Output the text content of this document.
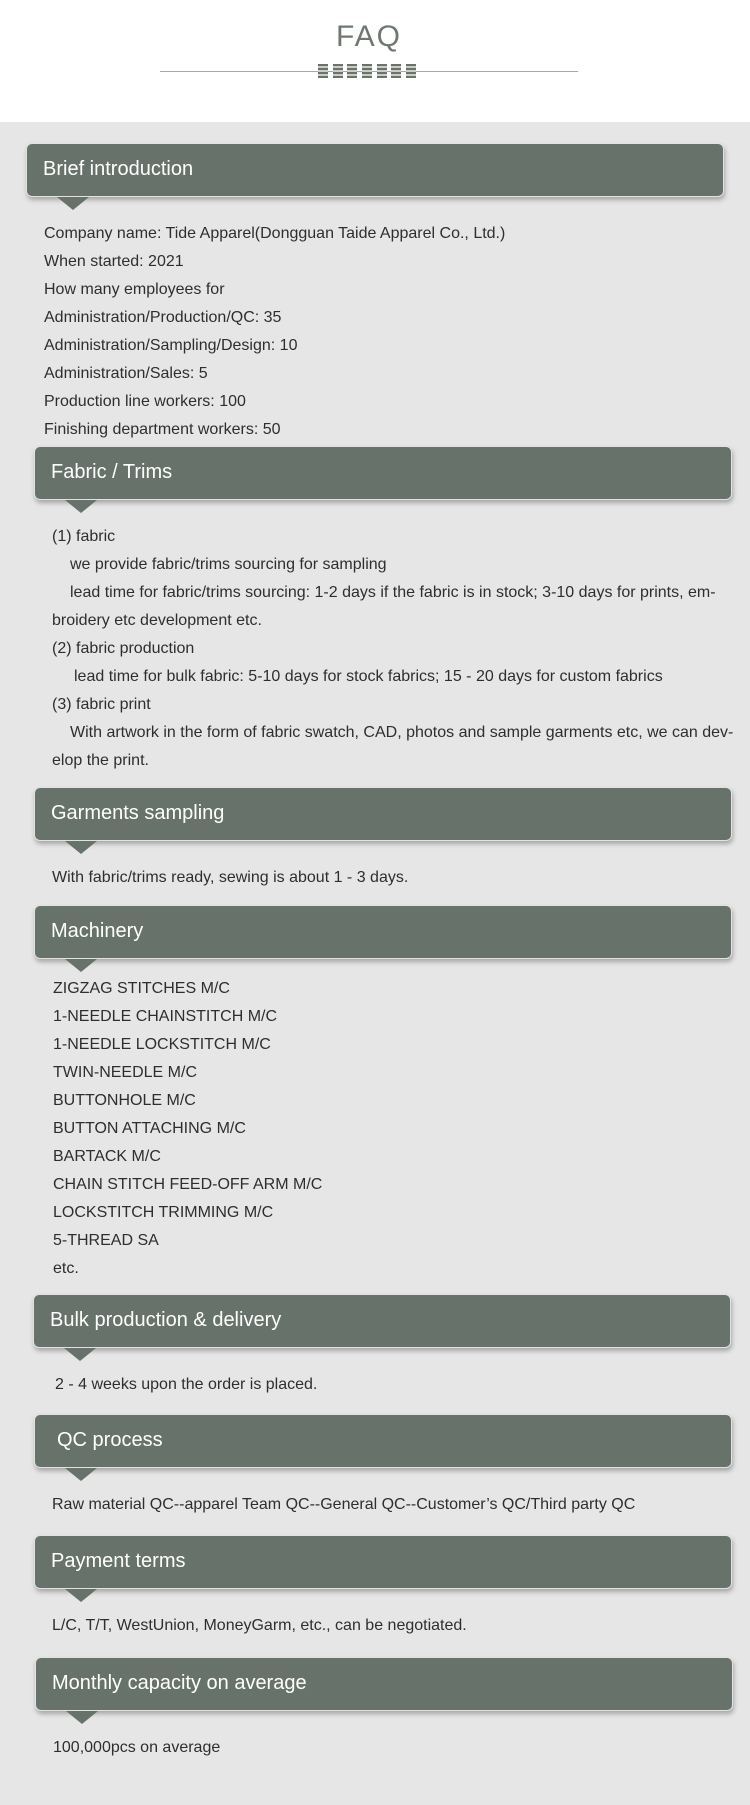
FAQ
Brief introduction
Company name: Tide Apparel(Dongguan Taide Apparel Co., Ltd.)
When started: 2021
How many employees for
Administration/Production/QC: 35
Administration/Sampling/Design: 10
Administration/Sales: 5
Production line workers: 100
Finishing department workers: 50
Fabric / Trims
(1) fabric
we provide fabric/trims sourcing for sampling
lead time for fabric/trims sourcing: 1-2 days if the fabric is in stock; 3-10 days for prints, em-
broidery etc development etc.
(2) fabric production
lead time for bulk fabric: 5-10 days for stock fabrics; 15 - 20 days for custom fabrics
(3) fabric print
With artwork in the form of fabric swatch, CAD, photos and sample garments etc, we can dev-
elop the print.
Garments sampling
With fabric/trims ready, sewing is about 1 - 3 days.
Machinery
ZIGZAG STITCHES M/C
1-NEEDLE CHAINSTITCH M/C
1-NEEDLE LOCKSTITCH M/C
TWIN-NEEDLE M/C
BUTTONHOLE M/C
BUTTON ATTACHING M/C
BARTACK M/C
CHAIN STITCH FEED-OFF ARM M/C
LOCKSTITCH TRIMMING M/C
5-THREAD SA
etc.
Bulk production & delivery
2 - 4 weeks upon the order is placed.
QC process
Raw material QC--apparel Team QC--General QC--Customer’s QC/Third party QC
Payment terms
L/C, T/T, WestUnion, MoneyGarm, etc., can be negotiated.
Monthly capacity on average
100,000pcs on average
